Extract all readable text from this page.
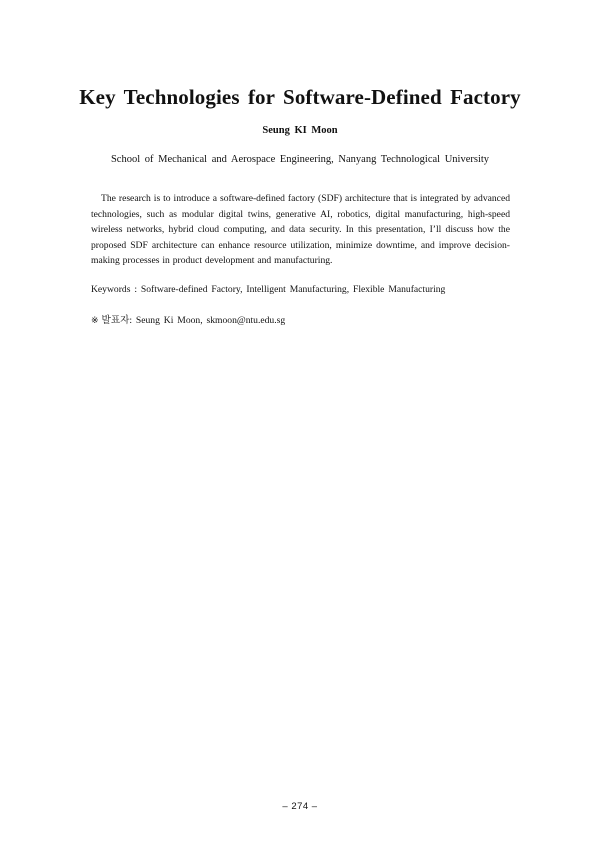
Key Technologies for Software-Defined Factory
Seung KI Moon
School of Mechanical and Aerospace Engineering, Nanyang Technological University

The research is to introduce a software-defined factory (SDF) architecture that is integrated by advanced technologies, such as modular digital twins, generative AI, robotics, digital manufacturing, high-speed wireless networks, hybrid cloud computing, and data security. In this presentation, I’ll discuss how the proposed SDF architecture can enhance resource utilization, minimize downtime, and improve decision-making processes in product development and manufacturing.

Keywords : Software-defined Factory, Intelligent Manufacturing, Flexible Manufacturing
※ 발표자: Seung Ki Moon, skmoon@ntu.edu.sg
– 274 –
